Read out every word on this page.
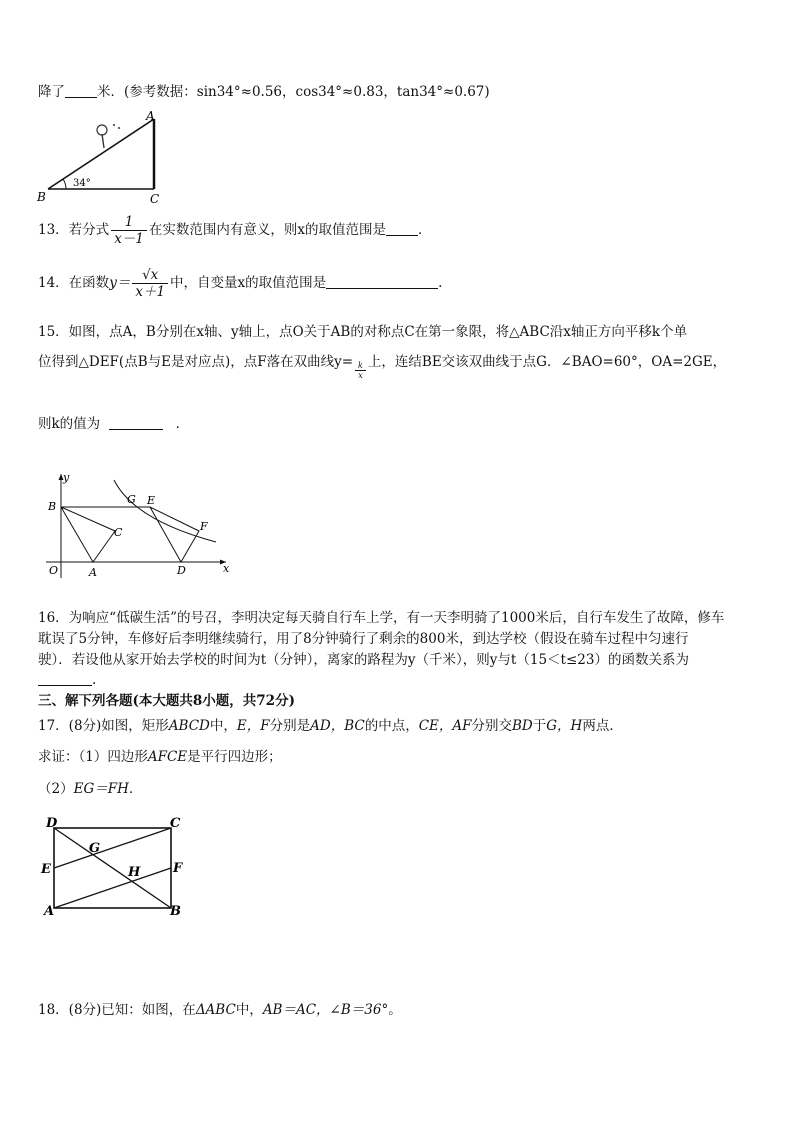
降了 米．(参考数据：sin34°≈0.56，cos34°≈0.83，tan34°≈0.67)
A
B	C
34°
13．若分式 $\frac{1}{x-1}$ 在实数范围内有意义，则x的取值范围是 ．
14．在函数$y= \frac{√x}{x+1}$ 中，自变量x的取值范围是	.
15．如图，点A，B分别在x轴、y轴上，点O关于AB的对称点C在第一象限，将△ABC沿x轴正方向平移k个单
位得到△DEF(点B与E是对应点)，点F落在双曲线$y= \frac{k}{x}$ 上，连结BE交该双曲线于点G．∠BAO=60°，OA=2GE，
则k的值为	．
y
x
B
G E
F
C
O	A	D
16．为响应“低碳生活”的号召，李明决定每天骑自行车上学，有一天李明骑了1000米后，自行车发生了故障，修车
耽误了5分钟，车修好后李明继续骑行，用了8分钟骑行了剩余的800米，到达学校（假设在骑车过程中匀速行
驶）．若设他从家开始去学校的时间为t（分钟），离家的路程为y（千米），则y与t（15＜t≤23）的函数关系为
.
三、解下列各题(本大题共8小题，共72分)
17．(8分)如图，矩形ABCD中，E，F分别是AD，BC的中点，CE，AF分别交BD于G，H两点．
求证：（1）四边形AFCE是平行四边形；
（2）EG＝FH．
D	C
G
E	H	F
A	B
18．(8分)已知：如图，在ΔABC中，AB＝AC，∠B＝36°。
